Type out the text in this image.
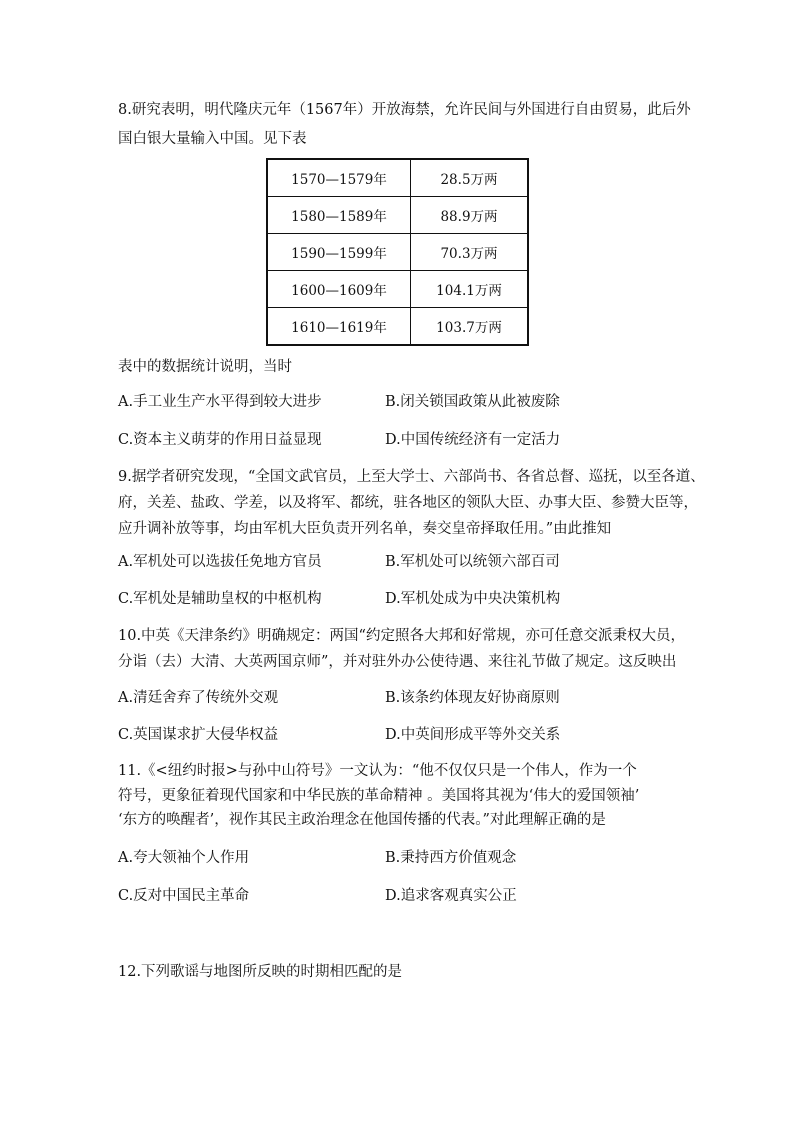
8.研究表明，明代隆庆元年（1567年）开放海禁，允许民间与外国进行自由贸易，此后外
国白银大量输入中国。见下表
1570—1579年	28.5万两
1580—1589年	88.9万两
1590—1599年	70.3万两
1600—1609年	104.1万两
1610—1619年	103.7万两
表中的数据统计说明，当时
A.手工业生产水平得到较大进步	B.闭关锁国政策从此被废除
C.资本主义萌芽的作用日益显现	D.中国传统经济有一定活力
9.据学者研究发现，“全国文武官员，上至大学士、六部尚书、各省总督、巡抚，以至各道、
府，关差、盐政、学差，以及将军、都统，驻各地区的领队大臣、办事大臣、参赞大臣等，
应升调补放等事，均由军机大臣负责开列名单，奏交皇帝择取任用。”由此推知
A.军机处可以选拔任免地方官员	B.军机处可以统领六部百司
C.军机处是辅助皇权的中枢机构	D.军机处成为中央决策机构
10.中英《天津条约》明确规定：两国“约定照各大邦和好常规，亦可任意交派秉权大员，
分诣（去）大清、大英两国京师”，并对驻外办公使待遇、来往礼节做了规定。这反映出
A.清廷舍弃了传统外交观	B.该条约体现友好协商原则
C.英国谋求扩大侵华权益	D.中英间形成平等外交关系
11.《<纽约时报>与孙中山符号》一文认为：“他不仅仅只是一个伟人，作为一个
符号，更象征着现代国家和中华民族的革命精神 。美国将其视为‘伟大的爱国领袖’
‘东方的唤醒者’，视作其民主政治理念在他国传播的代表。”对此理解正确的是
A.夸大领袖个人作用	B.秉持西方价值观念
C.反对中国民主革命	D.追求客观真实公正
12.下列歌谣与地图所反映的时期相匹配的是
